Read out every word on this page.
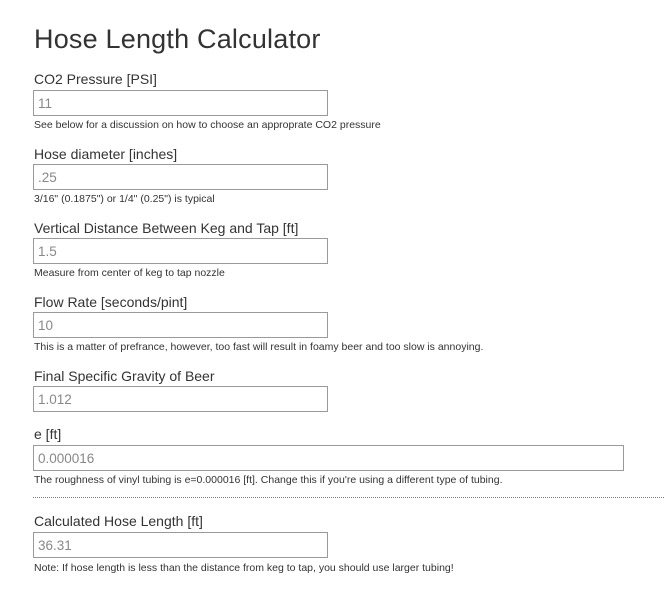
Hose Length Calculator
CO2 Pressure [PSI]
11
See below for a discussion on how to choose an approprate CO2 pressure
Hose diameter [inches]
.25
3/16" (0.1875") or 1/4" (0.25") is typical
Vertical Distance Between Keg and Tap [ft]
1.5
Measure from center of keg to tap nozzle
Flow Rate [seconds/pint]
10
This is a matter of prefrance, however, too fast will result in foamy beer and too slow is annoying.
Final Specific Gravity of Beer
1.012
e [ft]
0.000016
The roughness of vinyl tubing is e=0.000016 [ft]. Change this if you're using a different type of tubing.
Calculated Hose Length [ft]
36.31
Note: If hose length is less than the distance from keg to tap, you should use larger tubing!
